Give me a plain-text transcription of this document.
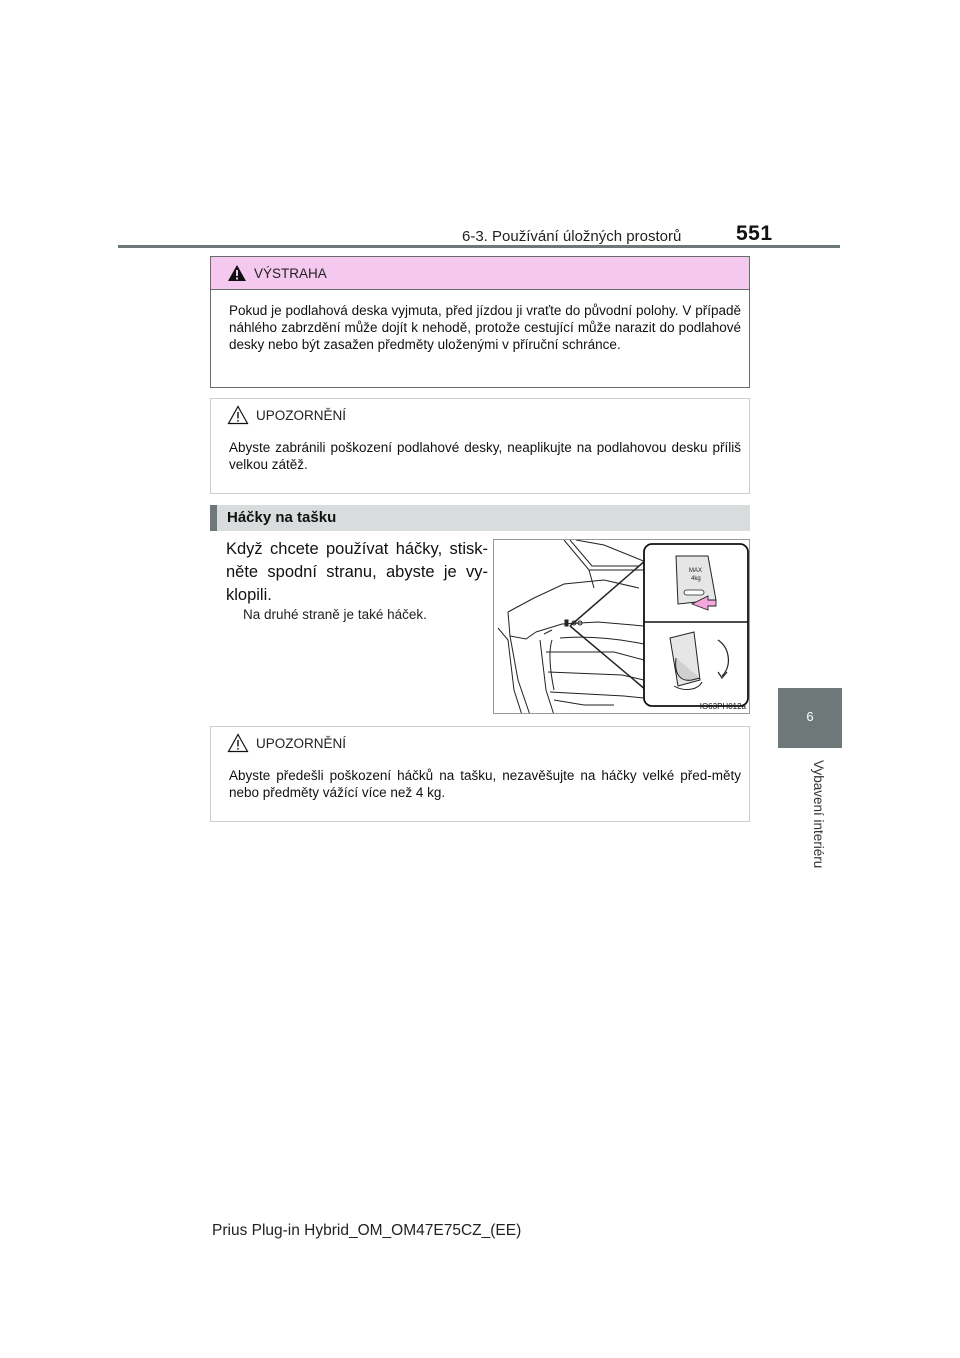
6-3. Používání úložných prostorů	551
6
Vybavení interiéru
VÝSTRAHA
Pokud je podlahová deska vyjmuta, před jízdou ji vraťte do původní polohy. V případě náhlého zabrzdění může dojít k nehodě, protože cestující může narazit do podlahové desky nebo být zasažen předměty uloženými v příruční schránce.
UPOZORNĚNÍ
Abyste zabránili poškození podlahové desky, neaplikujte na podlahovou desku příliš velkou zátěž.
Háčky na tašku
Když chcete používat háčky, stisk-něte spodní stranu, abyste je vy-klopili.
Na druhé straně je také háček.
MAX
4kg
IO63PH012a
UPOZORNĚNÍ
Abyste předešli poškození háčků na tašku, nezavěšujte na háčky velké před-měty nebo předměty vážící více než 4 kg.
Prius Plug-in Hybrid_OM_OM47E75CZ_(EE)
